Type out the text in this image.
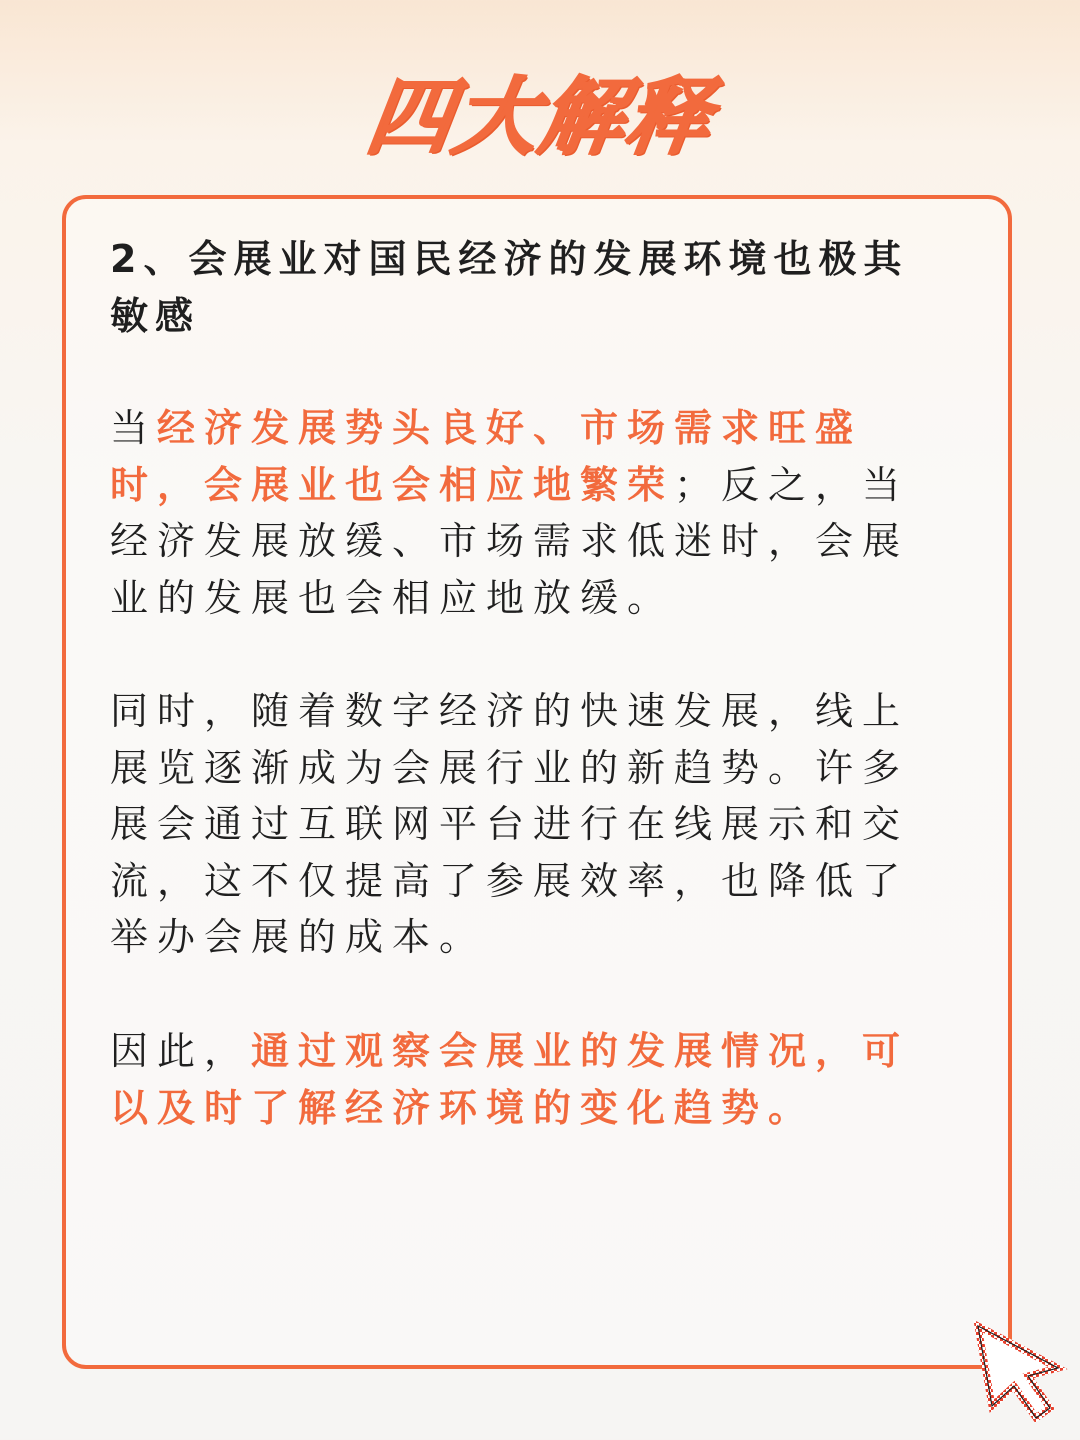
四大解释

2、会展业对国民经济的发展环境也极其敏感

当经济发展势头良好、市场需求旺盛时，会展业也会相应地繁荣；反之，当经济发展放缓、市场需求低迷时，会展业的发展也会相应地放缓。

同时，随着数字经济的快速发展，线上展览逐渐成为会展行业的新趋势。许多展会通过互联网平台进行在线展示和交流，这不仅提高了参展效率，也降低了举办会展的成本。

因此，通过观察会展业的发展情况，可以及时了解经济环境的变化趋势。
